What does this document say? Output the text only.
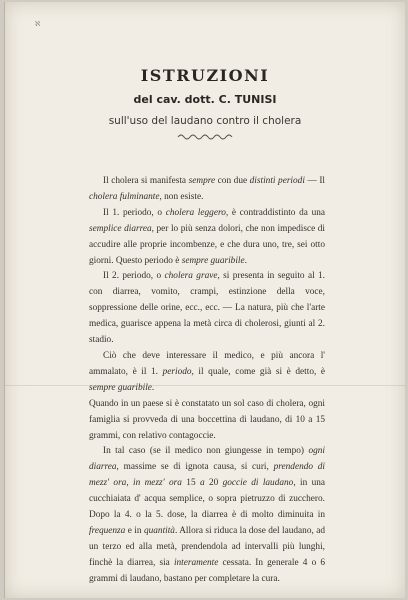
ℵ
ISTRUZIONI
del cav. dott. C. TUNISI
sull'uso del laudano contro il cholera

Il cholera si manifesta sempre con due distinti periodi — Il cholera fulminante, non esiste.

Il 1. periodo, o cholera leggero, è contraddistinto da una semplice diarrea, per lo più senza dolori, che non impedisce di accudire alle proprie incombenze, e che dura uno, tre, sei otto giorni. Questo periodo è sempre guaribile.

Il 2. periodo, o cholera grave, si presenta in seguito al 1. con diarrea, vomito, crampi, estinzione della voce, soppressione delle orine, ecc., ecc. — La natura, più che l'arte medica, guarisce appena la metà circa di cholerosi, giunti al 2. stadio.

Ciò che deve interessare il medico, e più ancora l' ammalato, è il 1. periodo, il quale, come già si è detto, è sempre guaribile.

Quando in un paese si è constatato un sol caso di cholera, ogni famiglia si provveda di una boccettina di laudano, di 10 a 15 grammi, con relativo contagoccie.

In tal caso (se il medico non giungesse in tempo) ogni diarrea, massime se di ignota causa, si curi, prendendo di mezz' ora, in mezz' ora 15 a 20 goccie di laudano, in una cucchiaiata d' acqua semplice, o sopra pietruzzo di zucchero. Dopo la 4. o la 5. dose, la diarrea è di molto diminuita in frequenza e in quantità. Allora si riduca la dose del laudano, ad un terzo ed alla metà, prendendola ad intervalli più lunghi, finchè la diarrea, sia interamente cessata. In generale 4 o 6 grammi di laudano, bastano per completare la cura.
